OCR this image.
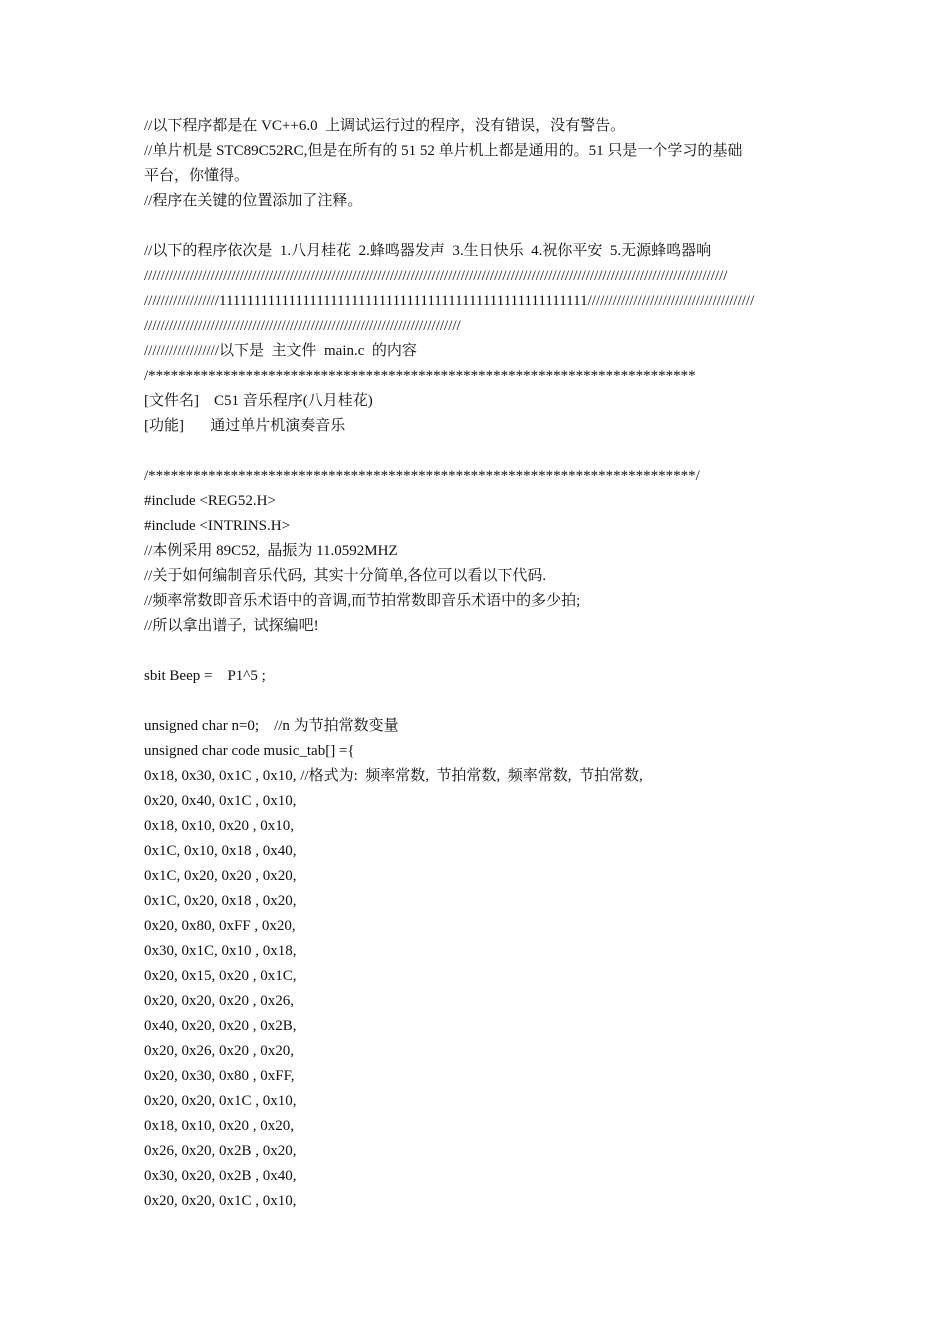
//以下程序都是在 VC++6.0  上调试运行过的程序，没有错误，没有警告。
//单片机是 STC89C52RC,但是在所有的 51 52 单片机上都是通用的。51 只是一个学习的基础
平台，你懂得。
//程序在关键的位置添加了注释。
//以下的程序依次是  1.八月桂花  2.蜂鸣器发声  3.生日快乐  4.祝你平安  5.无源蜂鸣器响
////////////////////////////////////////////////////////////////////////////////////////////////////////////////////////////////////////////
//////////////////11111111111111111111111111111111111111111111111111111////////////////////////////////////////
////////////////////////////////////////////////////////////////////////////
//////////////////以下是  主文件  main.c  的内容
/*************************************************************************
[文件名]    C51 音乐程序(八月桂花)
[功能]       通过单片机演奏音乐
/*************************************************************************/
#include <REG52.H>
#include <INTRINS.H>
//本例采用 89C52,  晶振为 11.0592MHZ
//关于如何编制音乐代码,  其实十分简单,各位可以看以下代码.
//频率常数即音乐术语中的音调,而节拍常数即音乐术语中的多少拍;
//所以拿出谱子,  试探编吧!
sbit Beep =    P1^5 ;
unsigned char n=0;    //n 为节拍常数变量
unsigned char code music_tab[] ={
0x18, 0x30, 0x1C , 0x10, //格式为:  频率常数,  节拍常数,  频率常数,  节拍常数,
0x20, 0x40, 0x1C , 0x10,
0x18, 0x10, 0x20 , 0x10,
0x1C, 0x10, 0x18 , 0x40,
0x1C, 0x20, 0x20 , 0x20,
0x1C, 0x20, 0x18 , 0x20,
0x20, 0x80, 0xFF , 0x20,
0x30, 0x1C, 0x10 , 0x18,
0x20, 0x15, 0x20 , 0x1C,
0x20, 0x20, 0x20 , 0x26,
0x40, 0x20, 0x20 , 0x2B,
0x20, 0x26, 0x20 , 0x20,
0x20, 0x30, 0x80 , 0xFF,
0x20, 0x20, 0x1C , 0x10,
0x18, 0x10, 0x20 , 0x20,
0x26, 0x20, 0x2B , 0x20,
0x30, 0x20, 0x2B , 0x40,
0x20, 0x20, 0x1C , 0x10,
